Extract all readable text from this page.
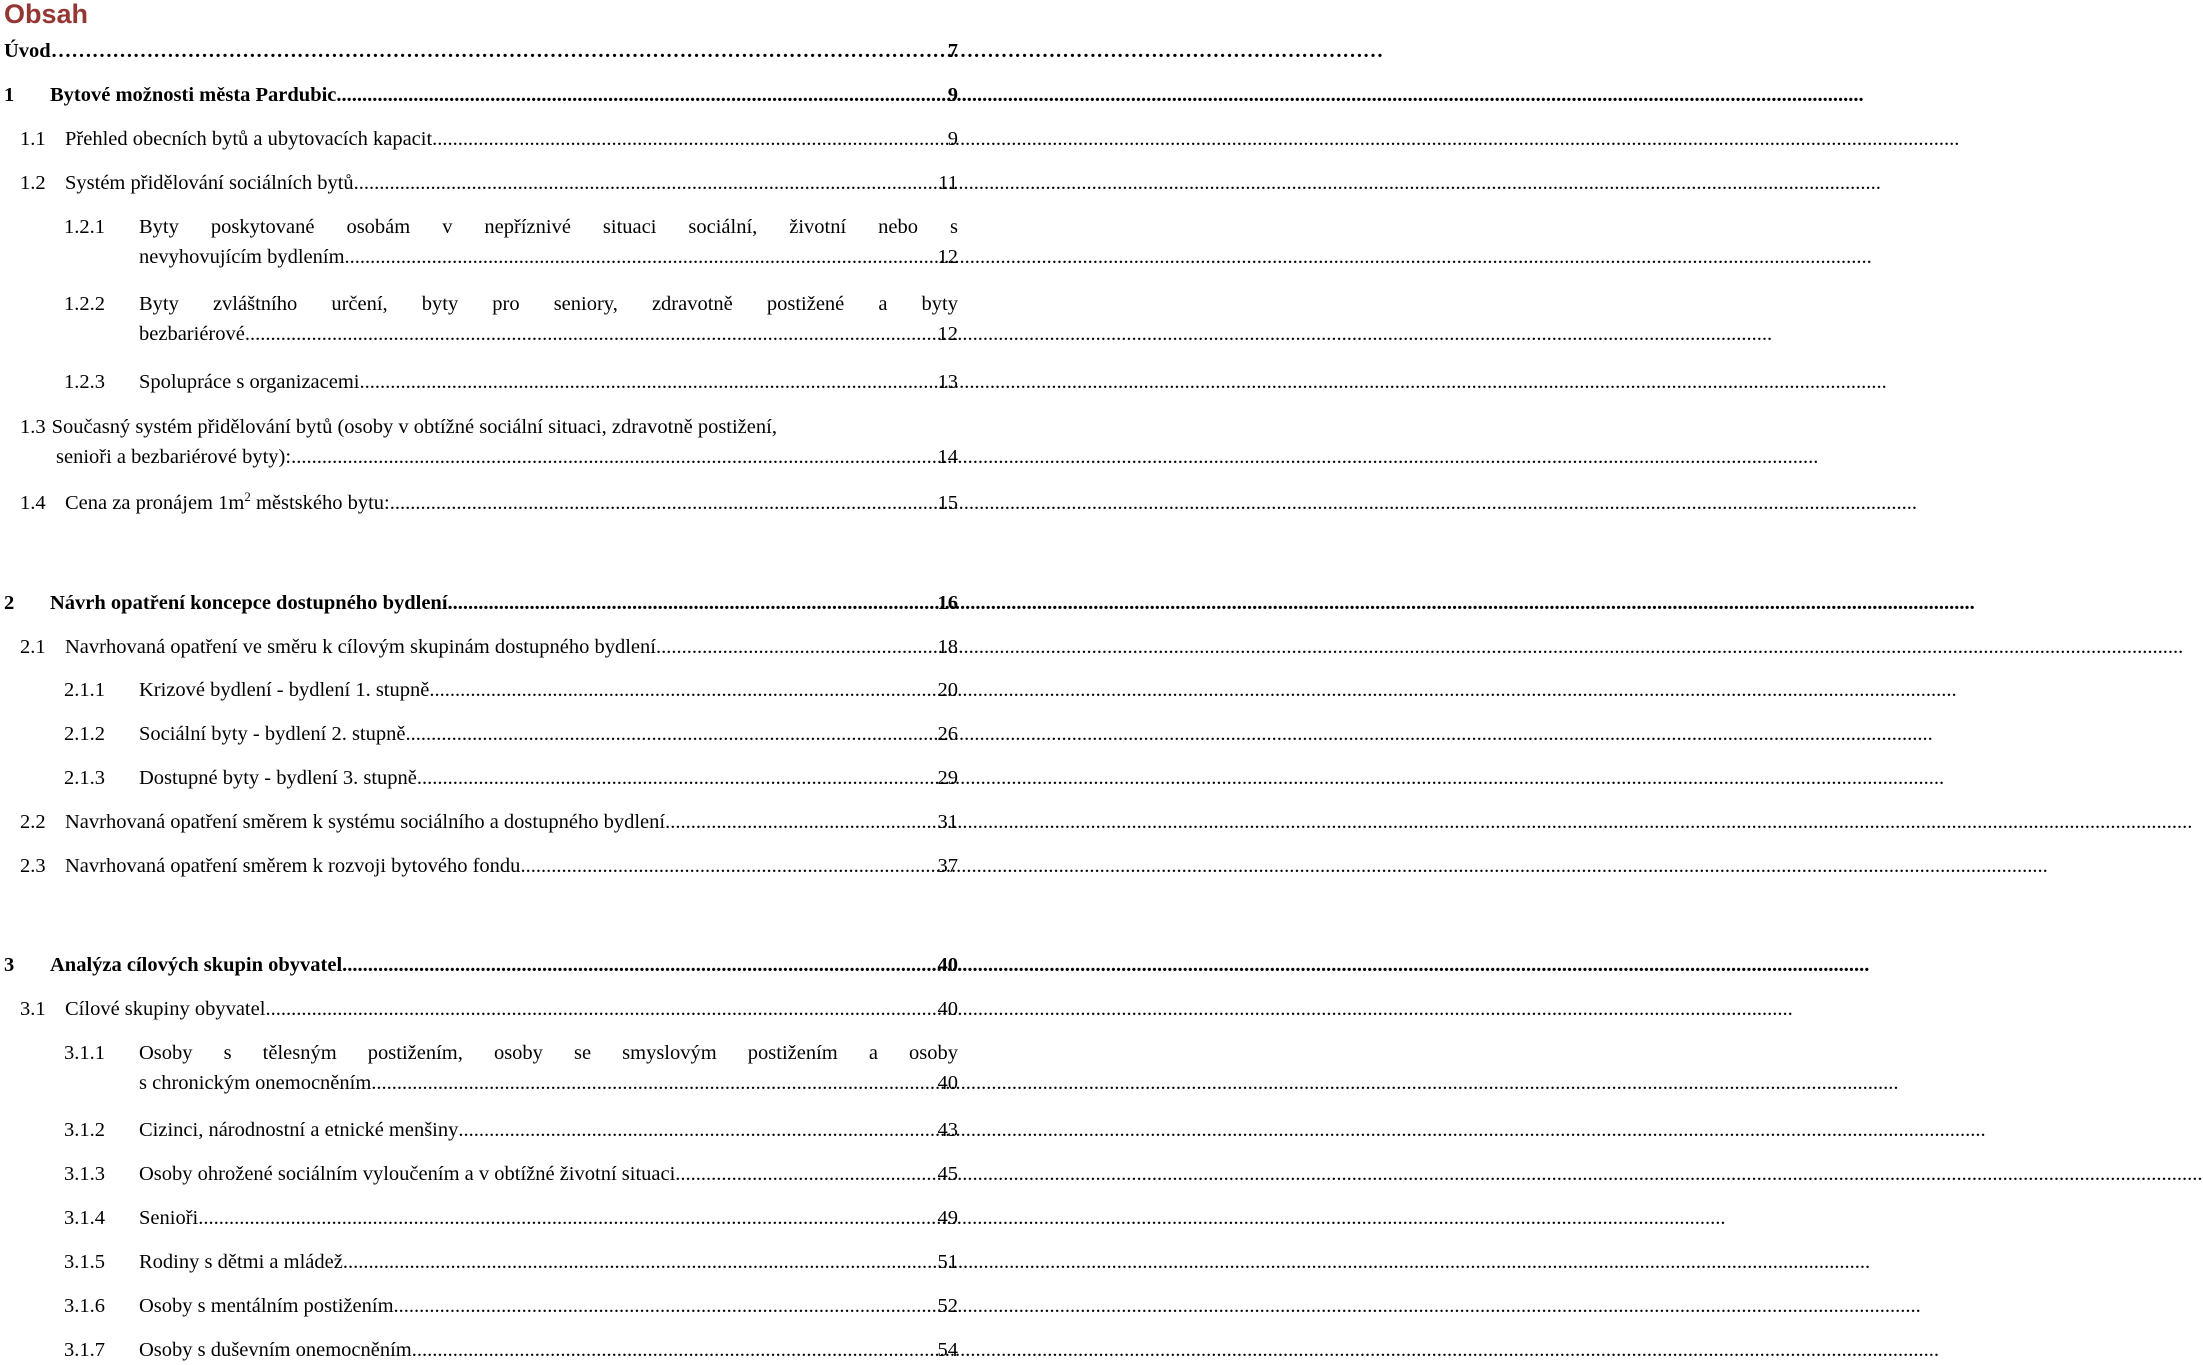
Obsah
Úvod ……………………………………………………………………………………………………………………………………………………………………………	7
1	Bytové možnosti města Pardubic .....	9
1.1 Přehled obecních bytů a ubytovacích kapacit .....	9
1.2 Systém přidělování sociálních bytů .....	11
1.2.1	Byty poskytované osobám v nepříznivé situaci sociální, životní nebo s
nevyhovujícím bydlením .....	12
1.2.2	Byty zvláštního určení, byty pro seniory, zdravotně postižené a byty
bezbariérové .....	12
1.2.3	Spolupráce s organizacemi .....	13
1.3 Současný systém přidělování bytů (osoby v obtížné sociální situaci, zdravotně postižení,
senioři a bezbariérové byty): .....	14
1.4 Cena za pronájem $1m^2$ městského bytu: .....	15
2	Návrh opatření koncepce dostupného bydlení .....	16
2.1 Navrhovaná opatření ve směru k cílovým skupinám dostupného bydlení .....	18
2.1.1	Krizové bydlení - bydlení 1. stupně .....	20
2.1.2	Sociální byty - bydlení 2. stupně .....	26
2.1.3	Dostupné byty - bydlení 3. stupně .....	29
2.2 Navrhovaná opatření směrem k systému sociálního a dostupného bydlení .....	31
2.3 Navrhovaná opatření směrem k rozvoji bytového fondu .....	37
3	Analýza cílových skupin obyvatel .....	40
3.1 Cílové skupiny obyvatel .....	40
3.1.1	Osoby s tělesným postižením, osoby se smyslovým postižením a osoby
s chronickým onemocněním .....	40
3.1.2	Cizinci, národnostní a etnické menšiny .....	43
3.1.3	Osoby ohrožené sociálním vyloučením a v obtížné životní situaci .....	45
3.1.4	Senioři .....	49
3.1.5	Rodiny s dětmi a mládež .....	51
3.1.6	Osoby s mentálním postižením .....	52
3.1.7	Osoby s duševním onemocněním .....	54
